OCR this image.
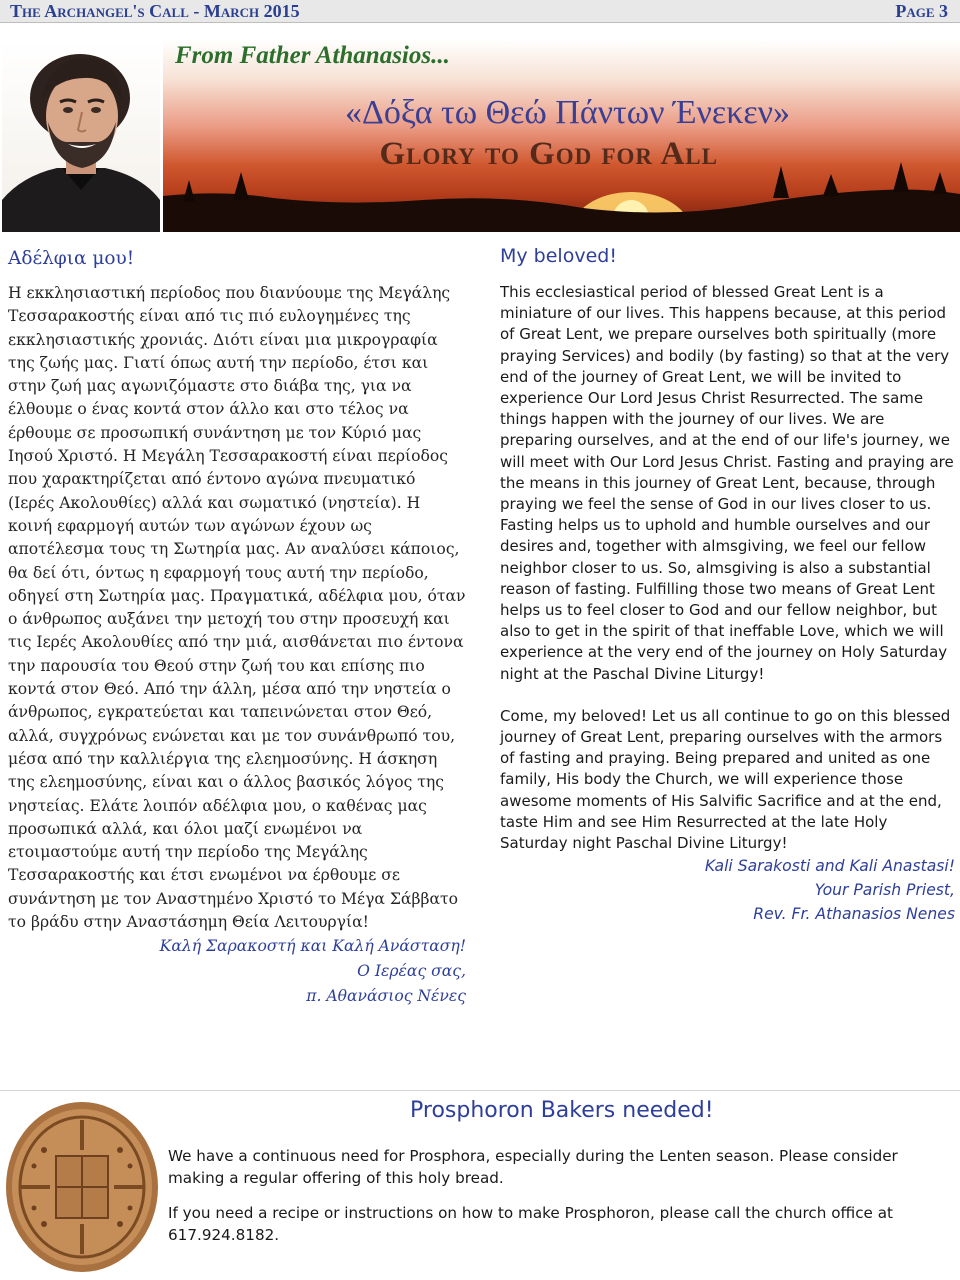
The Archangel's Call - March 2015	Page 3
From Father Athanasios...
«Δόξα τω Θεώ Πάντων Ένεκεν»
Glory to God for All
Αδέλφια μου!

Η εκκλησιαστική περίοδος που διανύουμε της Μεγάλης Τεσσαρακοστής είναι από τις πιό ευλογημένες της εκκλησιαστικής χρονιάς. Διότι είναι μια μικρογραφία της ζωής μας. Γιατί όπως αυτή την περίοδο, έτσι και στην ζωή μας αγωνιζόμαστε στο διάβα της, για να έλθουμε ο ένας κοντά στον άλλο και στο τέλος να έρθουμε σε προσωπική συνάντηση με τον Κύριό μας Ιησού Χριστό. Η Μεγάλη Τεσσαρακοστή είναι περίοδος που χαρακτηρίζεται από έντονο αγώνα πνευματικό (Ιερές Ακολουθίες) αλλά και σωματικό (νηστεία). Η κοινή εφαρμογή αυτών των αγώνων έχουν ως αποτέλεσμα τους τη Σωτηρία μας. Αν αναλύσει κάποιος, θα δεί ότι, όντως η εφαρμογή τους αυτή την περίοδο, οδηγεί στη Σωτηρία μας. Πραγματικά, αδέλφια μου, όταν ο άνθρωπος αυξάνει την μετοχή του στην προσευχή και τις Ιερές Ακολουθίες από την μιά, αισθάνεται πιο έντονα την παρουσία του Θεού στην ζωή του και επίσης πιο κοντά στον Θεό. Από την άλλη, μέσα από την νηστεία ο άνθρωπος, εγκρατεύεται και ταπεινώνεται στον Θεό, αλλά, συγχρόνως ενώνεται και με τον συνάνθρωπό του, μέσα από την καλλιέργια της ελεημοσύνης. Η άσκηση της ελεημοσύνης, είναι και ο άλλος βασικός λόγος της νηστείας. Ελάτε λοιπόν αδέλφια μου, ο καθένας μας προσωπικά αλλά, και όλοι μαζί ενωμένοι να ετοιμαστούμε αυτή την περίοδο της Μεγάλης Τεσσαρακοστής και έτσι ενωμένοι να έρθουμε σε συνάντηση με τον Αναστημένο Χριστό το Μέγα Σάββατο το βράδυ στην Αναστάσημη Θεία Λειτουργία!

Καλή Σαρακοστή και Καλή Ανάσταση!
Ο Ιερέας σας,
π. Αθανάσιος Νένες
My beloved!

This ecclesiastical period of blessed Great Lent is a miniature of our lives. This happens because, at this period of Great Lent, we prepare ourselves both spiritually (more praying Services) and bodily (by fasting) so that at the very end of the journey of Great Lent, we will be invited to experience Our Lord Jesus Christ Resurrected. The same things happen with the journey of our lives. We are preparing ourselves, and at the end of our life's journey, we will meet with Our Lord Jesus Christ. Fasting and praying are the means in this journey of Great Lent, because, through praying we feel the sense of God in our lives closer to us. Fasting helps us to uphold and humble ourselves and our desires and, together with almsgiving, we feel our fellow neighbor closer to us. So, almsgiving is also a substantial reason of fasting. Fulfilling those two means of Great Lent helps us to feel closer to God and our fellow neighbor, but also to get in the spirit of that ineffable Love, which we will experience at the very end of the journey on Holy Saturday night at the Paschal Divine Liturgy!

Come, my beloved! Let us all continue to go on this blessed journey of Great Lent, preparing ourselves with the armors of fasting and praying. Being prepared and united as one family, His body the Church, we will experience those awesome moments of His Salvific Sacrifice and at the end, taste Him and see Him Resurrected at the late Holy Saturday night Paschal Divine Liturgy!

Kali Sarakosti and Kali Anastasi!
Your Parish Priest,
Rev. Fr. Athanasios Nenes
Prosphoron Bakers needed!

We have a continuous need for Prosphora, especially during the Lenten season. Please consider making a regular offering of this holy bread.

If you need a recipe or instructions on how to make Prosphoron, please call the church office at 617.924.8182.
